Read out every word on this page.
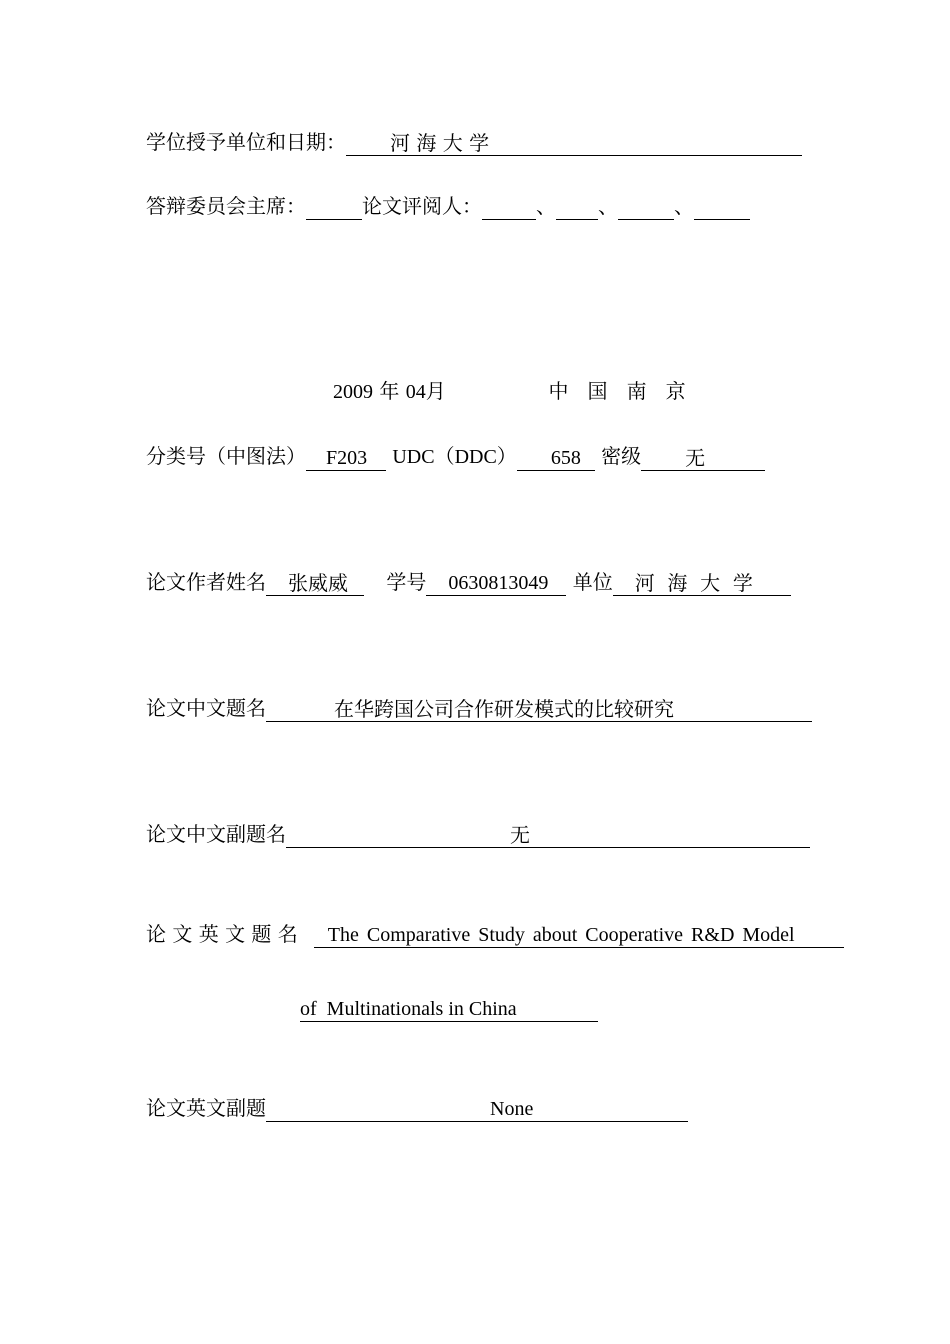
学位授予单位和日期： 河 海 大 学
答辩委员会主席：	论文评阅人：	、 、	、
2009 年 04月	中   国   南   京
分类号（中图法） F203 UDC（DDC） 658 密级 无
论文作者姓名 张威威 学号 0630813049 单位 河  海  大  学
论文中文题名	在华跨国公司合作研发模式的比较研究
论文中文副题名	无
论 文 英 文 题 名 The Comparative Study about Cooperative R&D Model
of  Multinationals in China
论文英文副题	None
